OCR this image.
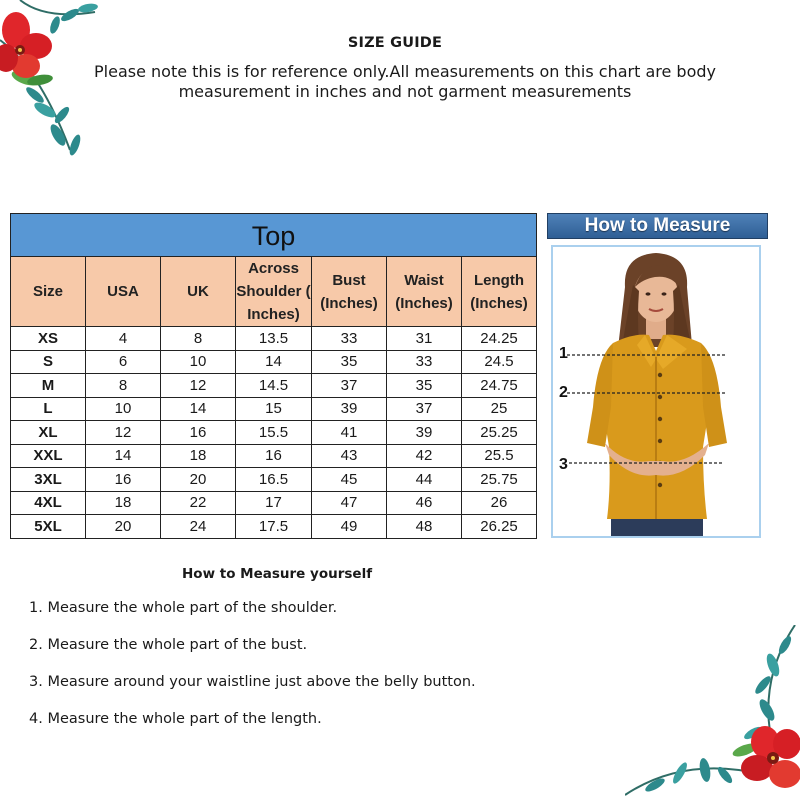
SIZE GUIDE
Please note this is for reference only.All measurements on this chart are body
measurement in inches and not garment measurements
Top						
Size	USA	UK	Across Shoulder ( Inches)	Bust (Inches)	Waist (Inches)	Length (Inches)
XS	4	8	13.5	33	31	24.25
S	6	10	14	35	33	24.5
M	8	12	14.5	37	35	24.75
L	10	14	15	39	37	25
XL	12	16	15.5	41	39	25.25
XXL	14	18	16	43	42	25.5
3XL	16	20	16.5	45	44	25.75
4XL	18	22	17	47	46	26
5XL	20	24	17.5	49	48	26.25
How to Measure
1
2
3
How to Measure yourself
1. Measure the whole part of the shoulder.
2. Measure the whole part of the bust.
3. Measure around your waistline just above the belly button.
4. Measure the whole part of the length.
